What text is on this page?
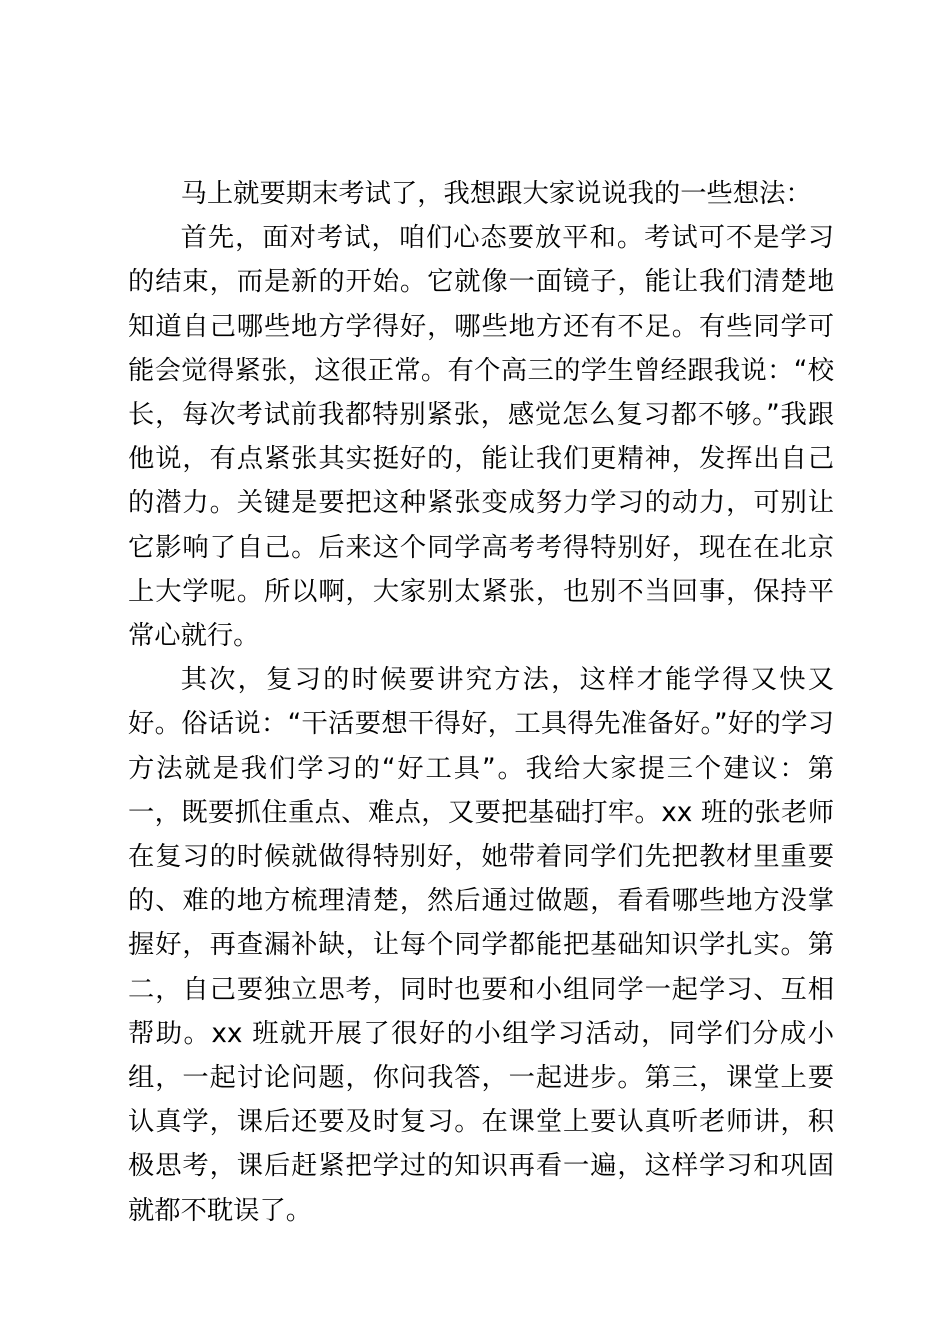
马上就要期末考试了，我想跟大家说说我的一些想法：

首先，面对考试，咱们心态要放平和。考试可不是学习的结束，而是新的开始。它就像一面镜子，能让我们清楚地知道自己哪些地方学得好，哪些地方还有不足。有些同学可能会觉得紧张，这很正常。有个高三的学生曾经跟我说：“校长，每次考试前我都特别紧张，感觉怎么复习都不够。”我跟他说，有点紧张其实挺好的，能让我们更精神，发挥出自己的潜力。关键是要把这种紧张变成努力学习的动力，可别让它影响了自己。后来这个同学高考考得特别好，现在在北京上大学呢。所以啊，大家别太紧张，也别不当回事，保持平常心就行。

其次，复习的时候要讲究方法，这样才能学得又快又好。俗话说：“干活要想干得好，工具得先准备好。”好的学习方法就是我们学习的“好工具”。我给大家提三个建议：第一，既要抓住重点、难点，又要把基础打牢。xx 班的张老师在复习的时候就做得特别好，她带着同学们先把教材里重要的、难的地方梳理清楚，然后通过做题，看看哪些地方没掌握好，再查漏补缺，让每个同学都能把基础知识学扎实。第二，自己要独立思考，同时也要和小组同学一起学习、互相帮助。xx 班就开展了很好的小组学习活动，同学们分成小组，一起讨论问题，你问我答，一起进步。第三，课堂上要认真学，课后还要及时复习。在课堂上要认真听老师讲，积极思考，课后赶紧把学过的知识再看一遍，这样学习和巩固就都不耽误了。
